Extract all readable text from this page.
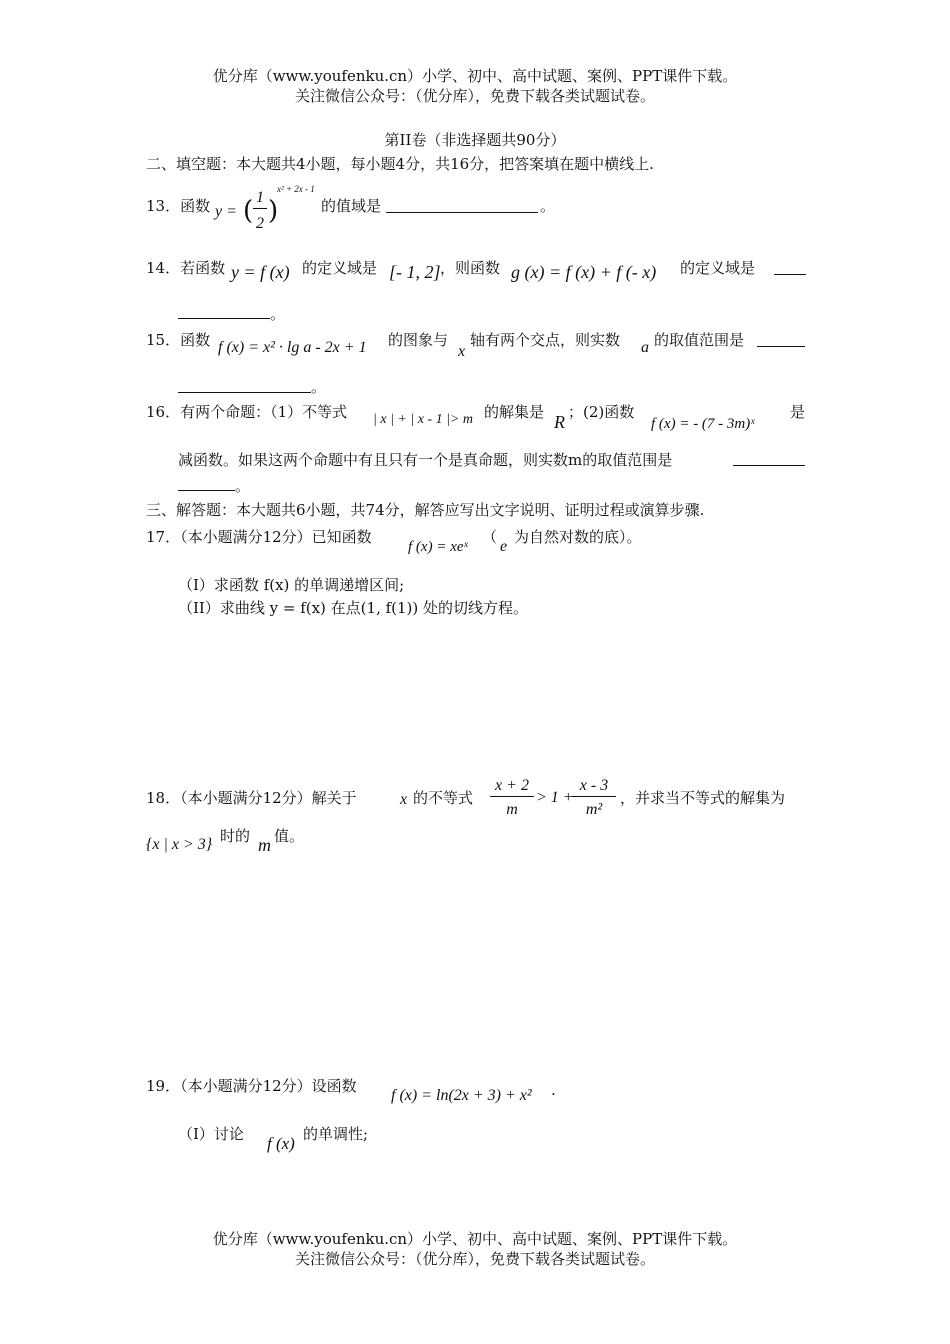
优分库（www.youfenku.cn）小学、初中、高中试题、案例、PPT课件下载。
关注微信公众号：（优分库），免费下载各类试题试卷。
第II卷（非选择题共90分）
二、填空题：本大题共4小题，每小题4分，共16分，把答案填在题中横线上.
13．函数 y = ( 1
2 )
x² + 2x - 1
的值域是	。
14．若函数 y = f (x) 的定义域是 [- 1, 2] ，则函数 g (x) = f (x) + f (- x) 的定义域是
。
15．函数 f (x) = x² · lg a - 2x + 1 的图象与
x
轴有两个交点，则实数 a 的取值范围是
。
16．有两个命题：（1）不等式 | x | + | x - 1 |> m 的解集是 R ；(2)函数
f (x) = - (7 - 3m)ˣ
是
减函数。如果这两个命题中有且只有一个是真命题，则实数m的取值范围是
。
三、解答题：本大题共6小题，共74分，解答应写出文字说明、证明过程或演算步骤.
17．（本小题满分12分）已知函数
f (x) = xeˣ
（
e
为自然对数的底）。
（I）求函数 f(x) 的单调递增区间;
（II）求曲线 y = f(x) 在点(1, f(1)) 处的切线方程。
18．（本小题满分12分）解关于	x 的不等式
x + 2
m
> 1 +
x - 3
m²
，并求当不等式的解集为
{x | x > 3} 时的 m 值。
19．（本小题满分12分）设函数
f (x) = ln(2x + 3) + x² .
（I）讨论 f (x) 的单调性;
优分库（www.youfenku.cn）小学、初中、高中试题、案例、PPT课件下载。
关注微信公众号：（优分库），免费下载各类试题试卷。
